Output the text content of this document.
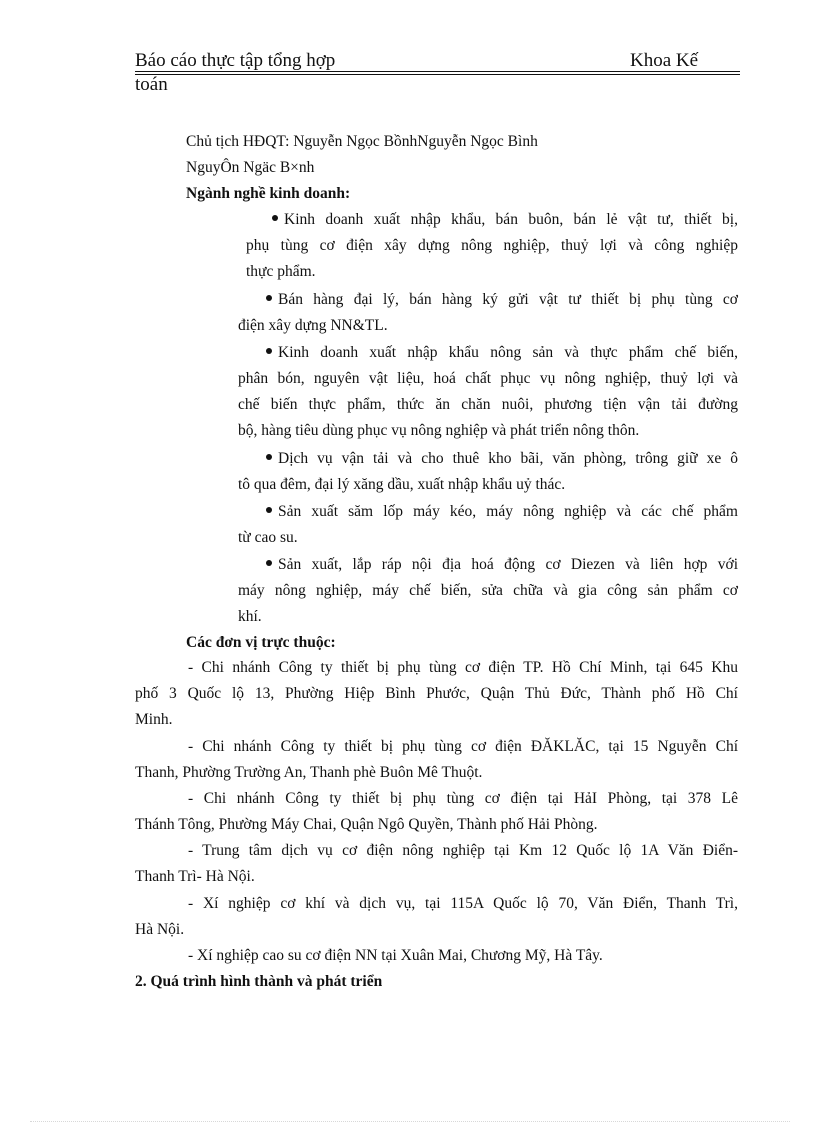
Báo cáo thực tập tổng hợp	Khoa Kế
toán
Chủ tịch HĐQT: Nguyễn Ngọc BồnhNguyễn Ngọc Bình
NguyÔn Ngäc B×nh
Ngành nghề kinh doanh:
Kinh doanh xuất nhập khẩu, bán buôn, bán lẻ vật tư, thiết bị,
phụ tùng cơ điện xây dựng nông nghiệp, thuỷ lợi và công nghiệp
thực phẩm.
Bán hàng đại lý, bán hàng ký gửi vật tư thiết bị phụ tùng cơ
điện xây dựng NN&TL.
Kinh doanh xuất nhập khẩu nông sản và thực phẩm chế biến,
phân bón, nguyên vật liệu, hoá chất phục vụ nông nghiệp, thuỷ lợi và
chế biến thực phẩm, thức ăn chăn nuôi, phương tiện vận tải đường
bộ, hàng tiêu dùng phục vụ nông nghiệp và phát triển nông thôn.
Dịch vụ vận tải và cho thuê kho bãi, văn phòng, trông giữ xe ô
tô qua đêm, đại lý xăng dầu, xuất nhập khẩu uỷ thác.
Sản xuất săm lốp máy kéo, máy nông nghiệp và các chế phẩm
từ cao su.
Sản xuất, lắp ráp nội địa hoá động cơ Diezen và liên hợp với
máy nông nghiệp, máy chế biến, sửa chữa và gia công sản phẩm cơ
khí.
Các đơn vị trực thuộc:
- Chi nhánh Công ty thiết bị phụ tùng cơ điện TP. Hồ Chí Minh, tại 645 Khu
phố 3 Quốc lộ 13, Phường Hiệp Bình Phước, Quận Thủ Đức, Thành phố Hồ Chí
Minh.
- Chi nhánh Công ty thiết bị phụ tùng cơ điện ĐĂKLĂC, tại 15 Nguyễn Chí
Thanh, Phường Trường An, Thanh phè Buôn Mê Thuột.
- Chi nhánh Công ty thiết bị phụ tùng cơ điện tại HảI Phòng, tại 378 Lê
Thánh Tông, Phường Máy Chai, Quận Ngô Quyền, Thành phố Hải Phòng.
- Trung tâm dịch vụ cơ điện nông nghiệp tại Km 12 Quốc lộ 1A Văn Điển-
Thanh Trì- Hà Nội.
- Xí nghiệp cơ khí và dịch vụ, tại 115A Quốc lộ 70, Văn Điển, Thanh Trì,
Hà Nội.
- Xí nghiệp cao su cơ điện NN tại Xuân Mai, Chương Mỹ, Hà Tây.
2. Quá trình hình thành và phát triển
